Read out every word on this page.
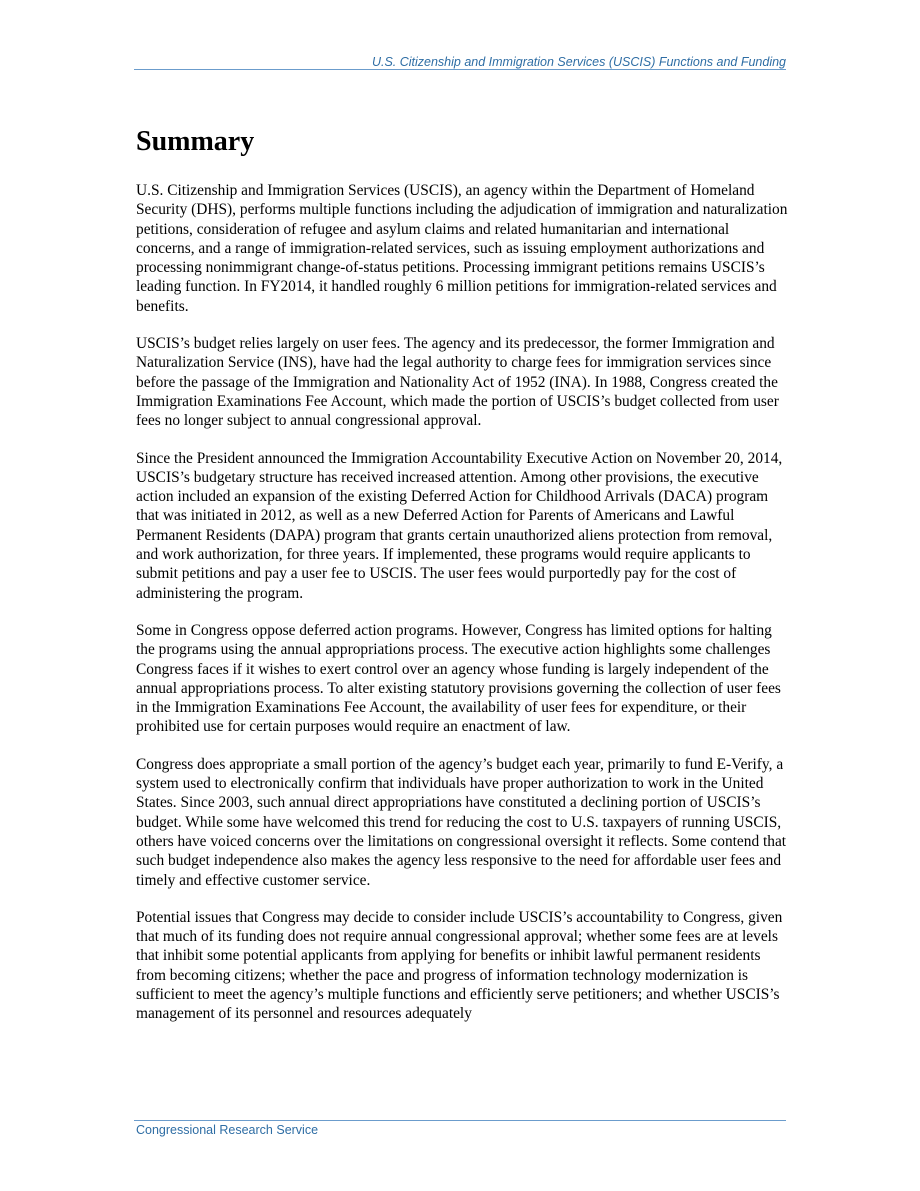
U.S. Citizenship and Immigration Services (USCIS) Functions and Funding
Summary

U.S. Citizenship and Immigration Services (USCIS), an agency within the Department of Homeland Security (DHS), performs multiple functions including the adjudication of immigration and naturalization petitions, consideration of refugee and asylum claims and related humanitarian and international concerns, and a range of immigration-related services, such as issuing employment authorizations and processing nonimmigrant change-of-status petitions. Processing immigrant petitions remains USCIS’s leading function. In FY2014, it handled roughly 6 million petitions for immigration-related services and benefits.

USCIS’s budget relies largely on user fees. The agency and its predecessor, the former Immigration and Naturalization Service (INS), have had the legal authority to charge fees for immigration services since before the passage of the Immigration and Nationality Act of 1952 (INA). In 1988, Congress created the Immigration Examinations Fee Account, which made the portion of USCIS’s budget collected from user fees no longer subject to annual congressional approval.

Since the President announced the Immigration Accountability Executive Action on November 20, 2014, USCIS’s budgetary structure has received increased attention. Among other provisions, the executive action included an expansion of the existing Deferred Action for Childhood Arrivals (DACA) program that was initiated in 2012, as well as a new Deferred Action for Parents of Americans and Lawful Permanent Residents (DAPA) program that grants certain unauthorized aliens protection from removal, and work authorization, for three years. If implemented, these programs would require applicants to submit petitions and pay a user fee to USCIS. The user fees would purportedly pay for the cost of administering the program.

Some in Congress oppose deferred action programs. However, Congress has limited options for halting the programs using the annual appropriations process. The executive action highlights some challenges Congress faces if it wishes to exert control over an agency whose funding is largely independent of the annual appropriations process. To alter existing statutory provisions governing the collection of user fees in the Immigration Examinations Fee Account, the availability of user fees for expenditure, or their prohibited use for certain purposes would require an enactment of law.

Congress does appropriate a small portion of the agency’s budget each year, primarily to fund E-Verify, a system used to electronically confirm that individuals have proper authorization to work in the United States. Since 2003, such annual direct appropriations have constituted a declining portion of USCIS’s budget. While some have welcomed this trend for reducing the cost to U.S. taxpayers of running USCIS, others have voiced concerns over the limitations on congressional oversight it reflects. Some contend that such budget independence also makes the agency less responsive to the need for affordable user fees and timely and effective customer service.

Potential issues that Congress may decide to consider include USCIS’s accountability to Congress, given that much of its funding does not require annual congressional approval; whether some fees are at levels that inhibit some potential applicants from applying for benefits or inhibit lawful permanent residents from becoming citizens; whether the pace and progress of information technology modernization is sufficient to meet the agency’s multiple functions and efficiently serve petitioners; and whether USCIS’s management of its personnel and resources adequately

Congressional Research Service
